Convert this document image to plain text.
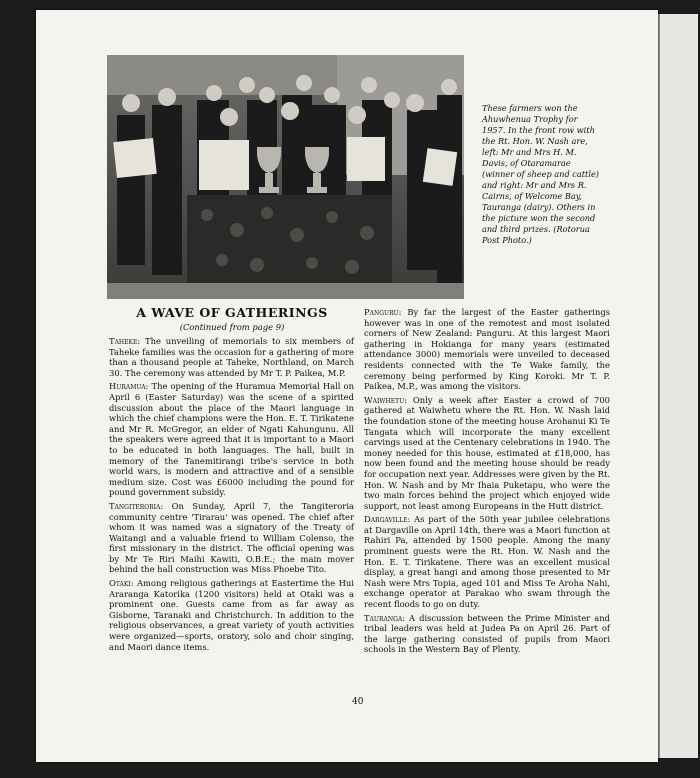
These farmers won the Ahuwhenua Trophy for 1957. In the front row with the Rt. Hon. W. Nash are, left: Mr and Mrs H. M. Davis, of Otaramarae (winner of sheep and cattle) and right: Mr and Mrs R. Cairns, of Welcome Bay, Tauranga (dairy). Others in the picture won the second and third prizes. (Rotorua Post Photo.)

A WAVE OF GATHERINGS
(Continued from page 9)

Taheke: The unveiling of memorials to six members of Taheke families was the occasion for a gathering of more than a thousand people at Taheke, Northland, on March 30. The ceremony was attended by Mr T. P. Paikea, M.P.

Huramua: The opening of the Huramua Memorial Hall on April 6 (Easter Saturday) was the scene of a spirited discussion about the place of the Maori language in which the chief champions were the Hon. E. T. Tirikatene and Mr R. McGregor, an elder of Ngati Kahungunu. All the speakers were agreed that it is important to a Maori to be educated in both languages. The hall, built in memory of the Tanemitirangi tribe's service in both world wars, is modern and attractive and of a sensible medium size. Cost was £6000 including the pound for pound government subsidy.

Tangiteroria: On Sunday, April 7, the Tangiteroria community centre 'Tirarau' was opened. The chief after whom it was named was a signatory of the Treaty of Waitangi and a valuable friend to William Colenso, the first missionary in the district. The official opening was by Mr Te Riri Maihi Kawiti, O.B.E.; the main mover behind the hall construction was Miss Phoebe Tito.

Otaki: Among religious gatherings at Eastertime the Hui Araranga Katorika (1200 visitors) held at Otaki was a prominent one. Guests came from as far away as Gisborne, Taranaki and Christchurch. In addition to the religious observances, a great variety of youth activities were organized—sports, oratory, solo and choir singing, and Maori dance items.

Panguru: By far the largest of the Easter gatherings however was in one of the remotest and most isolated corners of New Zealand: Panguru. At this largest Maori gathering in Hokianga for many years (estimated attendance 3000) memorials were unveiled to deceased residents connected with the Te Wake family, the ceremony being performed by King Koroki. Mr T. P. Paikea, M.P., was among the visitors.

Waiwhetu: Only a week after Easter a crowd of 700 gathered at Waiwhetu where the Rt. Hon. W. Nash laid the foundation stone of the meeting house Arohanui Ki Te Tangata which will incorporate the many excellent carvings used at the Centenary celebrations in 1940. The money needed for this house, estimated at £18,000, has now been found and the meeting house should be ready for occupation next year. Addresses were given by the Rt. Hon. W. Nash and by Mr Ihaia Puketapu, who were the two main forces behind the project which enjoyed wide support, not least among Europeans in the Hutt district.

Dargaville: As part of the 50th year jubilee celebrations at Dargaville on April 14th, there was a Maori function at Rahiri Pa, attended by 1500 people. Among the many prominent guests were the Rt. Hon. W. Nash and the Hon. E. T. Tirikatene. There was an excellent musical display, a great hangi and among those presented to Mr Nash were Mrs Topia, aged 101 and Miss Te Aroha Nahi, exchange operator at Parakao who swam through the recent floods to go on duty.

Tauranga: A discussion between the Prime Minister and tribal leaders was held at Judea Pa on April 26. Part of the large gathering consisted of pupils from Maori schools in the Western Bay of Plenty.

40
